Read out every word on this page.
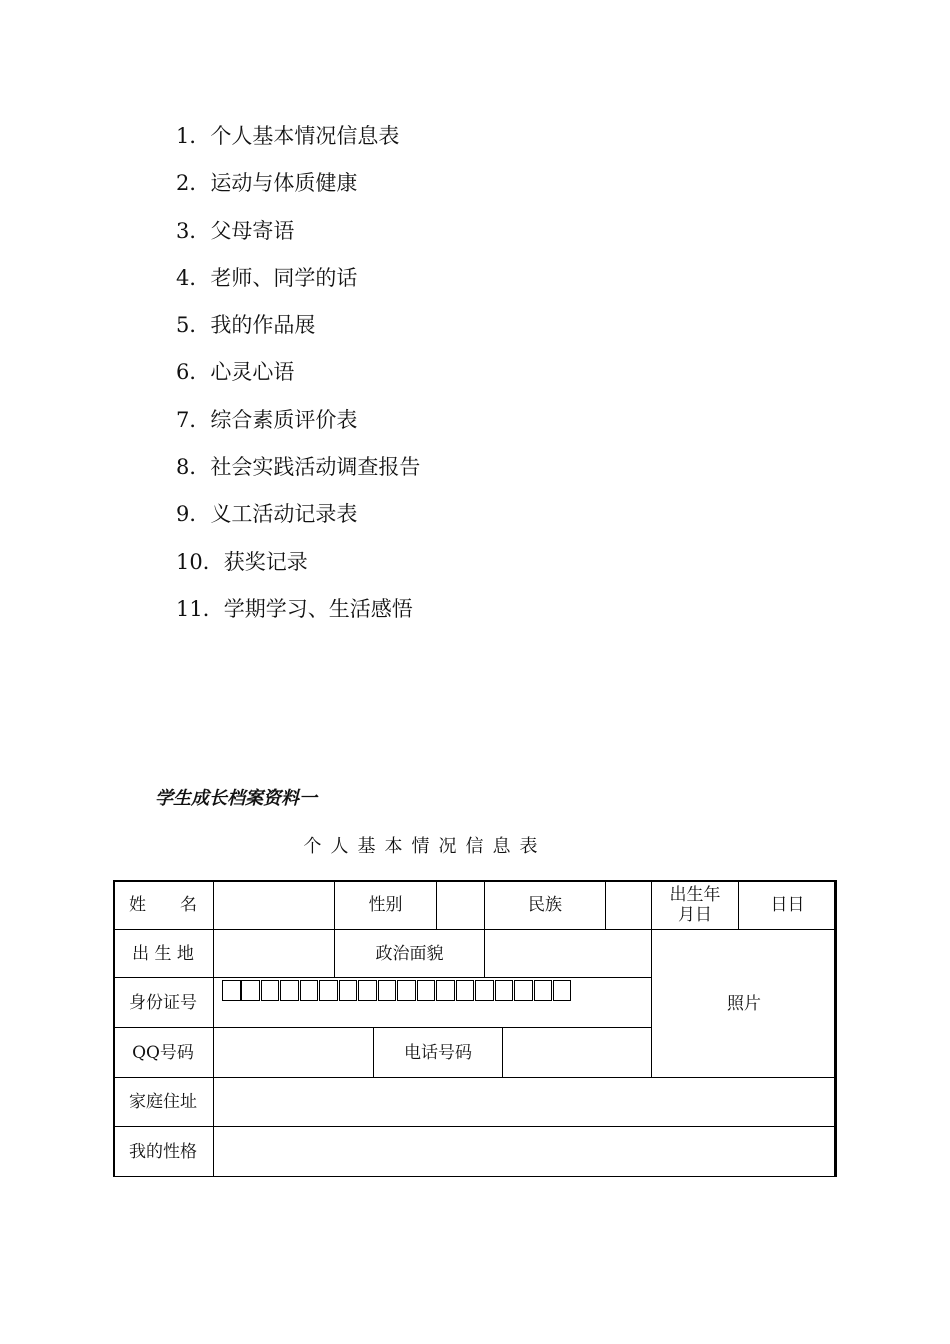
1．个人基本情况信息表
2．运动与体质健康
3．父母寄语
4．老师、同学的话
5．我的作品展
6．心灵心语
7．综合素质评价表
8．社会实践活动调查报告
9．义工活动记录表
10．获奖记录
11．学期学习、生活感悟
学生成长档案资料一
个人基本情况信息表
姓　　名	性别	民族	出生年月日	日日
出 生 地	政治面貌
照片
身份证号
QQ号码	电话号码
家庭住址
我的性格
